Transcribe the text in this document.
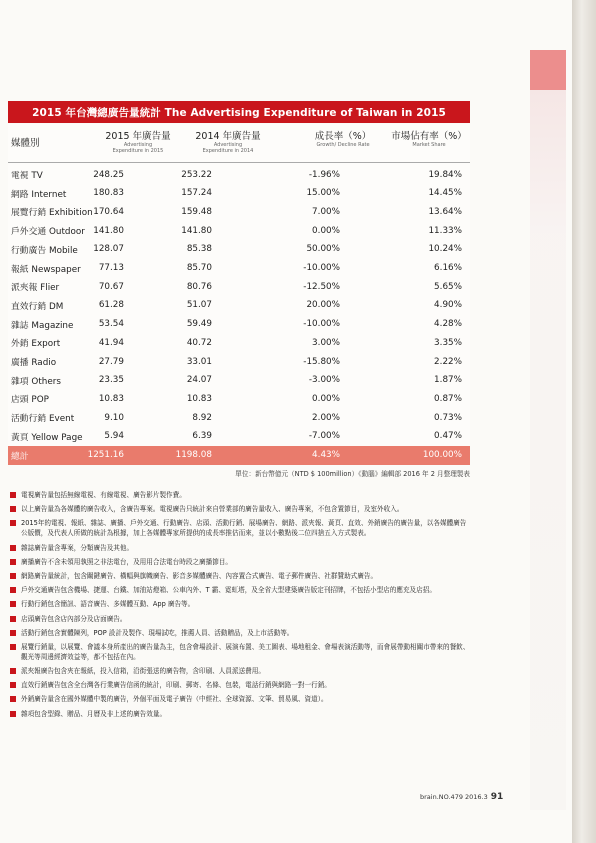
2015 年台灣總廣告量統計 The Advertising Expenditure of Taiwan in 2015
媒體別
2015 年廣告量
Advertising Expenditure in 2015
2014 年廣告量
Advertising Expenditure in 2014
成長率（%）
Growth/ Decline Rate
市場佔有率（%）
Market Share
電視 TV	248.25	253.22	-1.96%	19.84%
網路 Internet	180.83	157.24	15.00%	14.45%
展覽行銷 Exhibition 170.64	159.48	7.00%	13.64%
戶外交通 Outdoor 141.80	141.80	0.00%	11.33%
行動廣告 Mobile	128.07	85.38	50.00%	10.24%
報紙 Newspaper	77.13	85.70	-10.00%	6.16%
派夾報 Flier	70.67	80.76	-12.50%	5.65%
直效行銷 DM	61.28	51.07	20.00%	4.90%
雜誌 Magazine	53.54	59.49	-10.00%	4.28%
外銷 Export	41.94	40.72	3.00%	3.35%
廣播 Radio	27.79	33.01	-15.80%	2.22%
雜項 Others	23.35	24.07	-3.00%	1.87%
店頭 POP	10.83	10.83	0.00%	0.87%
活動行銷 Event	9.10	8.92	2.00%	0.73%
黃頁 Yellow Page	5.94	6.39	-7.00%	0.47%
總計	1251.16	1198.08	4.43%	100.00%
單位：新台幣億元（NTD $ 100million）《動腦》編輯部 2016 年 2 月整理製表
電視廣告量包括無線電視、有線電視、廣告影片製作費。
以上廣告量為各媒體的廣告收入，含廣告專案。電視廣告只統計來自營業部的廣告量收入、廣告專案，不包含置節目，及室外收入。
2015年的電視、報紙、雜誌、廣播、戶外交通、行動廣告、店頭、活動行銷、展場廣告、網路、派夾報、黃頁、直效、外銷廣告的廣告量，以各媒體廣告公版價，及代表人所做的統計為根據，加上各媒體專家所提供的成長率推估而來，並以小數點後二位四捨五入方式製表。
雜誌廣告量含專案，分類廣告及其他。
廣播廣告不含未領用執照之非法電台，及用用合法電台時段之廣播節目。
網路廣告量統計，包含關鍵廣告、橫幅與旗幟廣告、影音多媒體廣告、內容置合式廣告、電子郵件廣告、社群贊助式廣告。
戶外交通廣告包含機場、捷運、台鐵、加油站燈箱、公車內外、T 霸、霓虹塔，及全省大型建築廣告版定刊招牌，不包括小型店的應充及店招。
行動行銷包含簡訊、語音廣告、多媒體互動、App 廣告等。
店頭廣告包含店內部分及店面廣告。
活動行銷包含實體陳列，POP 設計及製作、現場試吃，推薦人員、活動贈品，及上市活動等。
展覽行銷量，以展覽、會議本身所產出的廣告量為主，包含會場設計、展演布置、美工圖表、場地租金、會場表演活動等，而會展帶動相關市帶來的餐飲、觀光等周邊經濟效益等，都不包括在內。
派夾報廣告包含夾在報紙，投入信箱，沿街張送的廣告物，含印刷、人員派送費用。
直效行銷廣告包含全台灣各行業廣告信函的統計，印刷、郵寄、名條、包裝，電話行銷與網路一對一行銷。
外銷廣告量含在國外媒體中製的廣告，外個平面及電子廣告（中經社、全球資源、文筆、貿易風、資道）。
雜項包含型錄、贈品、月曆及非上述的廣告效量。
brain.NO.479 2016.3 91
